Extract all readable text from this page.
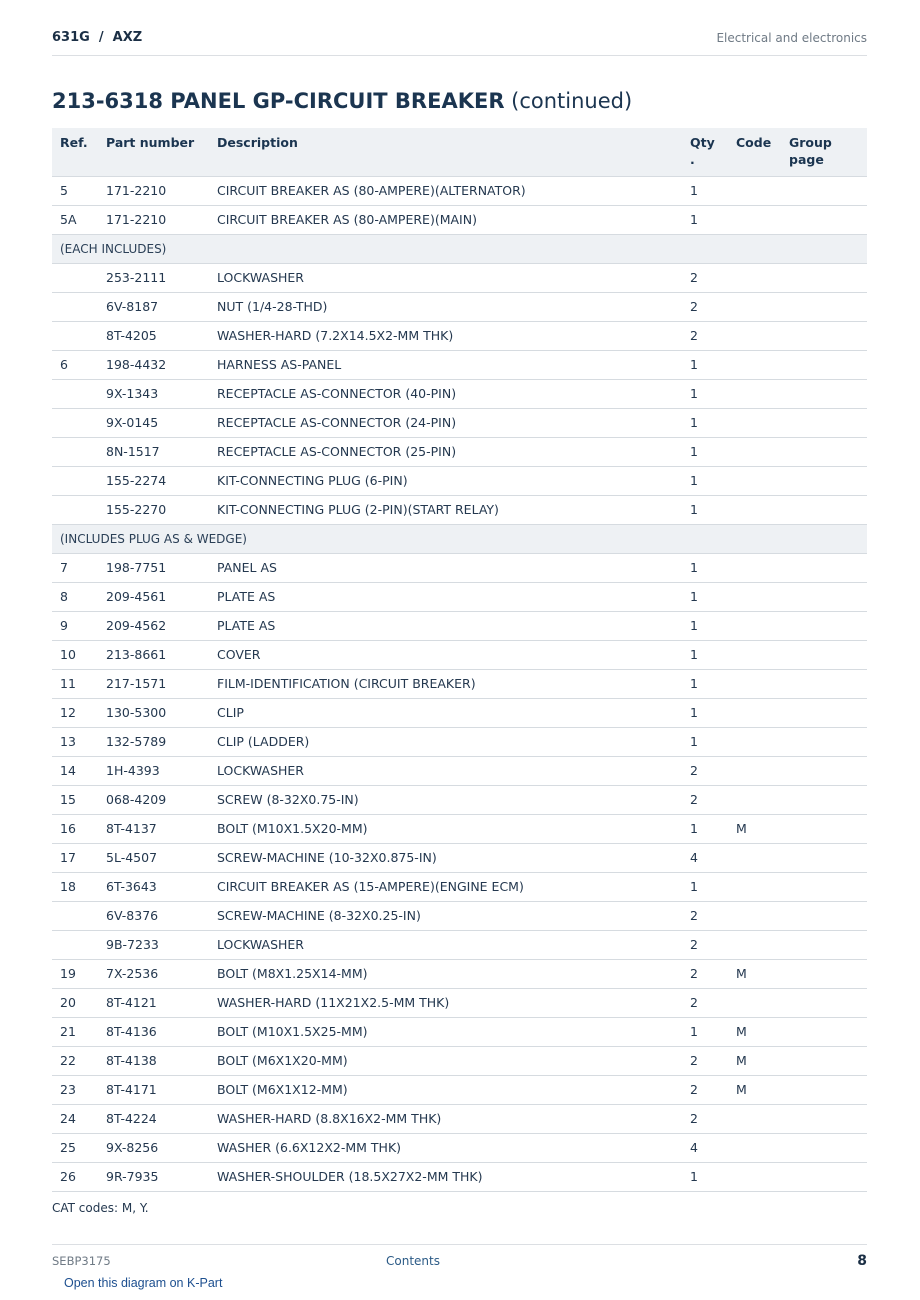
631G  /  AXZ	Electrical and electronics
213-6318 PANEL GP-CIRCUIT BREAKER (continued)
Ref.	Part number	Description	Qty .	Code	Group page
5	171-2210	CIRCUIT BREAKER AS (80-AMPERE)(ALTERNATOR)	1		
5A	171-2210	CIRCUIT BREAKER AS (80-AMPERE)(MAIN)	1		
(EACH INCLUDES)					
	253-2111	LOCKWASHER	2		
	6V-8187	NUT (1/4-28-THD)	2		
	8T-4205	WASHER-HARD (7.2X14.5X2-MM THK)	2		
6	198-4432	HARNESS AS-PANEL	1		
	9X-1343	RECEPTACLE AS-CONNECTOR (40-PIN)	1		
	9X-0145	RECEPTACLE AS-CONNECTOR (24-PIN)	1		
	8N-1517	RECEPTACLE AS-CONNECTOR (25-PIN)	1		
	155-2274	KIT-CONNECTING PLUG (6-PIN)	1		
	155-2270	KIT-CONNECTING PLUG (2-PIN)(START RELAY)	1		
(INCLUDES PLUG AS & WEDGE)					
7	198-7751	PANEL AS	1		
8	209-4561	PLATE AS	1		
9	209-4562	PLATE AS	1		
10	213-8661	COVER	1		
11	217-1571	FILM-IDENTIFICATION (CIRCUIT BREAKER)	1		
12	130-5300	CLIP	1		
13	132-5789	CLIP (LADDER)	1		
14	1H-4393	LOCKWASHER	2		
15	068-4209	SCREW (8-32X0.75-IN)	2		
16	8T-4137	BOLT (M10X1.5X20-MM)	1	M	
17	5L-4507	SCREW-MACHINE (10-32X0.875-IN)	4		
18	6T-3643	CIRCUIT BREAKER AS (15-AMPERE)(ENGINE ECM)	1		
	6V-8376	SCREW-MACHINE (8-32X0.25-IN)	2		
	9B-7233	LOCKWASHER	2		
19	7X-2536	BOLT (M8X1.25X14-MM)	2	M	
20	8T-4121	WASHER-HARD (11X21X2.5-MM THK)	2		
21	8T-4136	BOLT (M10X1.5X25-MM)	1	M	
22	8T-4138	BOLT (M6X1X20-MM)	2	M	
23	8T-4171	BOLT (M6X1X12-MM)	2	M	
24	8T-4224	WASHER-HARD (8.8X16X2-MM THK)	2		
25	9X-8256	WASHER (6.6X12X2-MM THK)	4		
26	9R-7935	WASHER-SHOULDER (18.5X27X2-MM THK)	1		
CAT codes: M, Y.
SEBP3175	Contents	8
Open this diagram on K-Part
